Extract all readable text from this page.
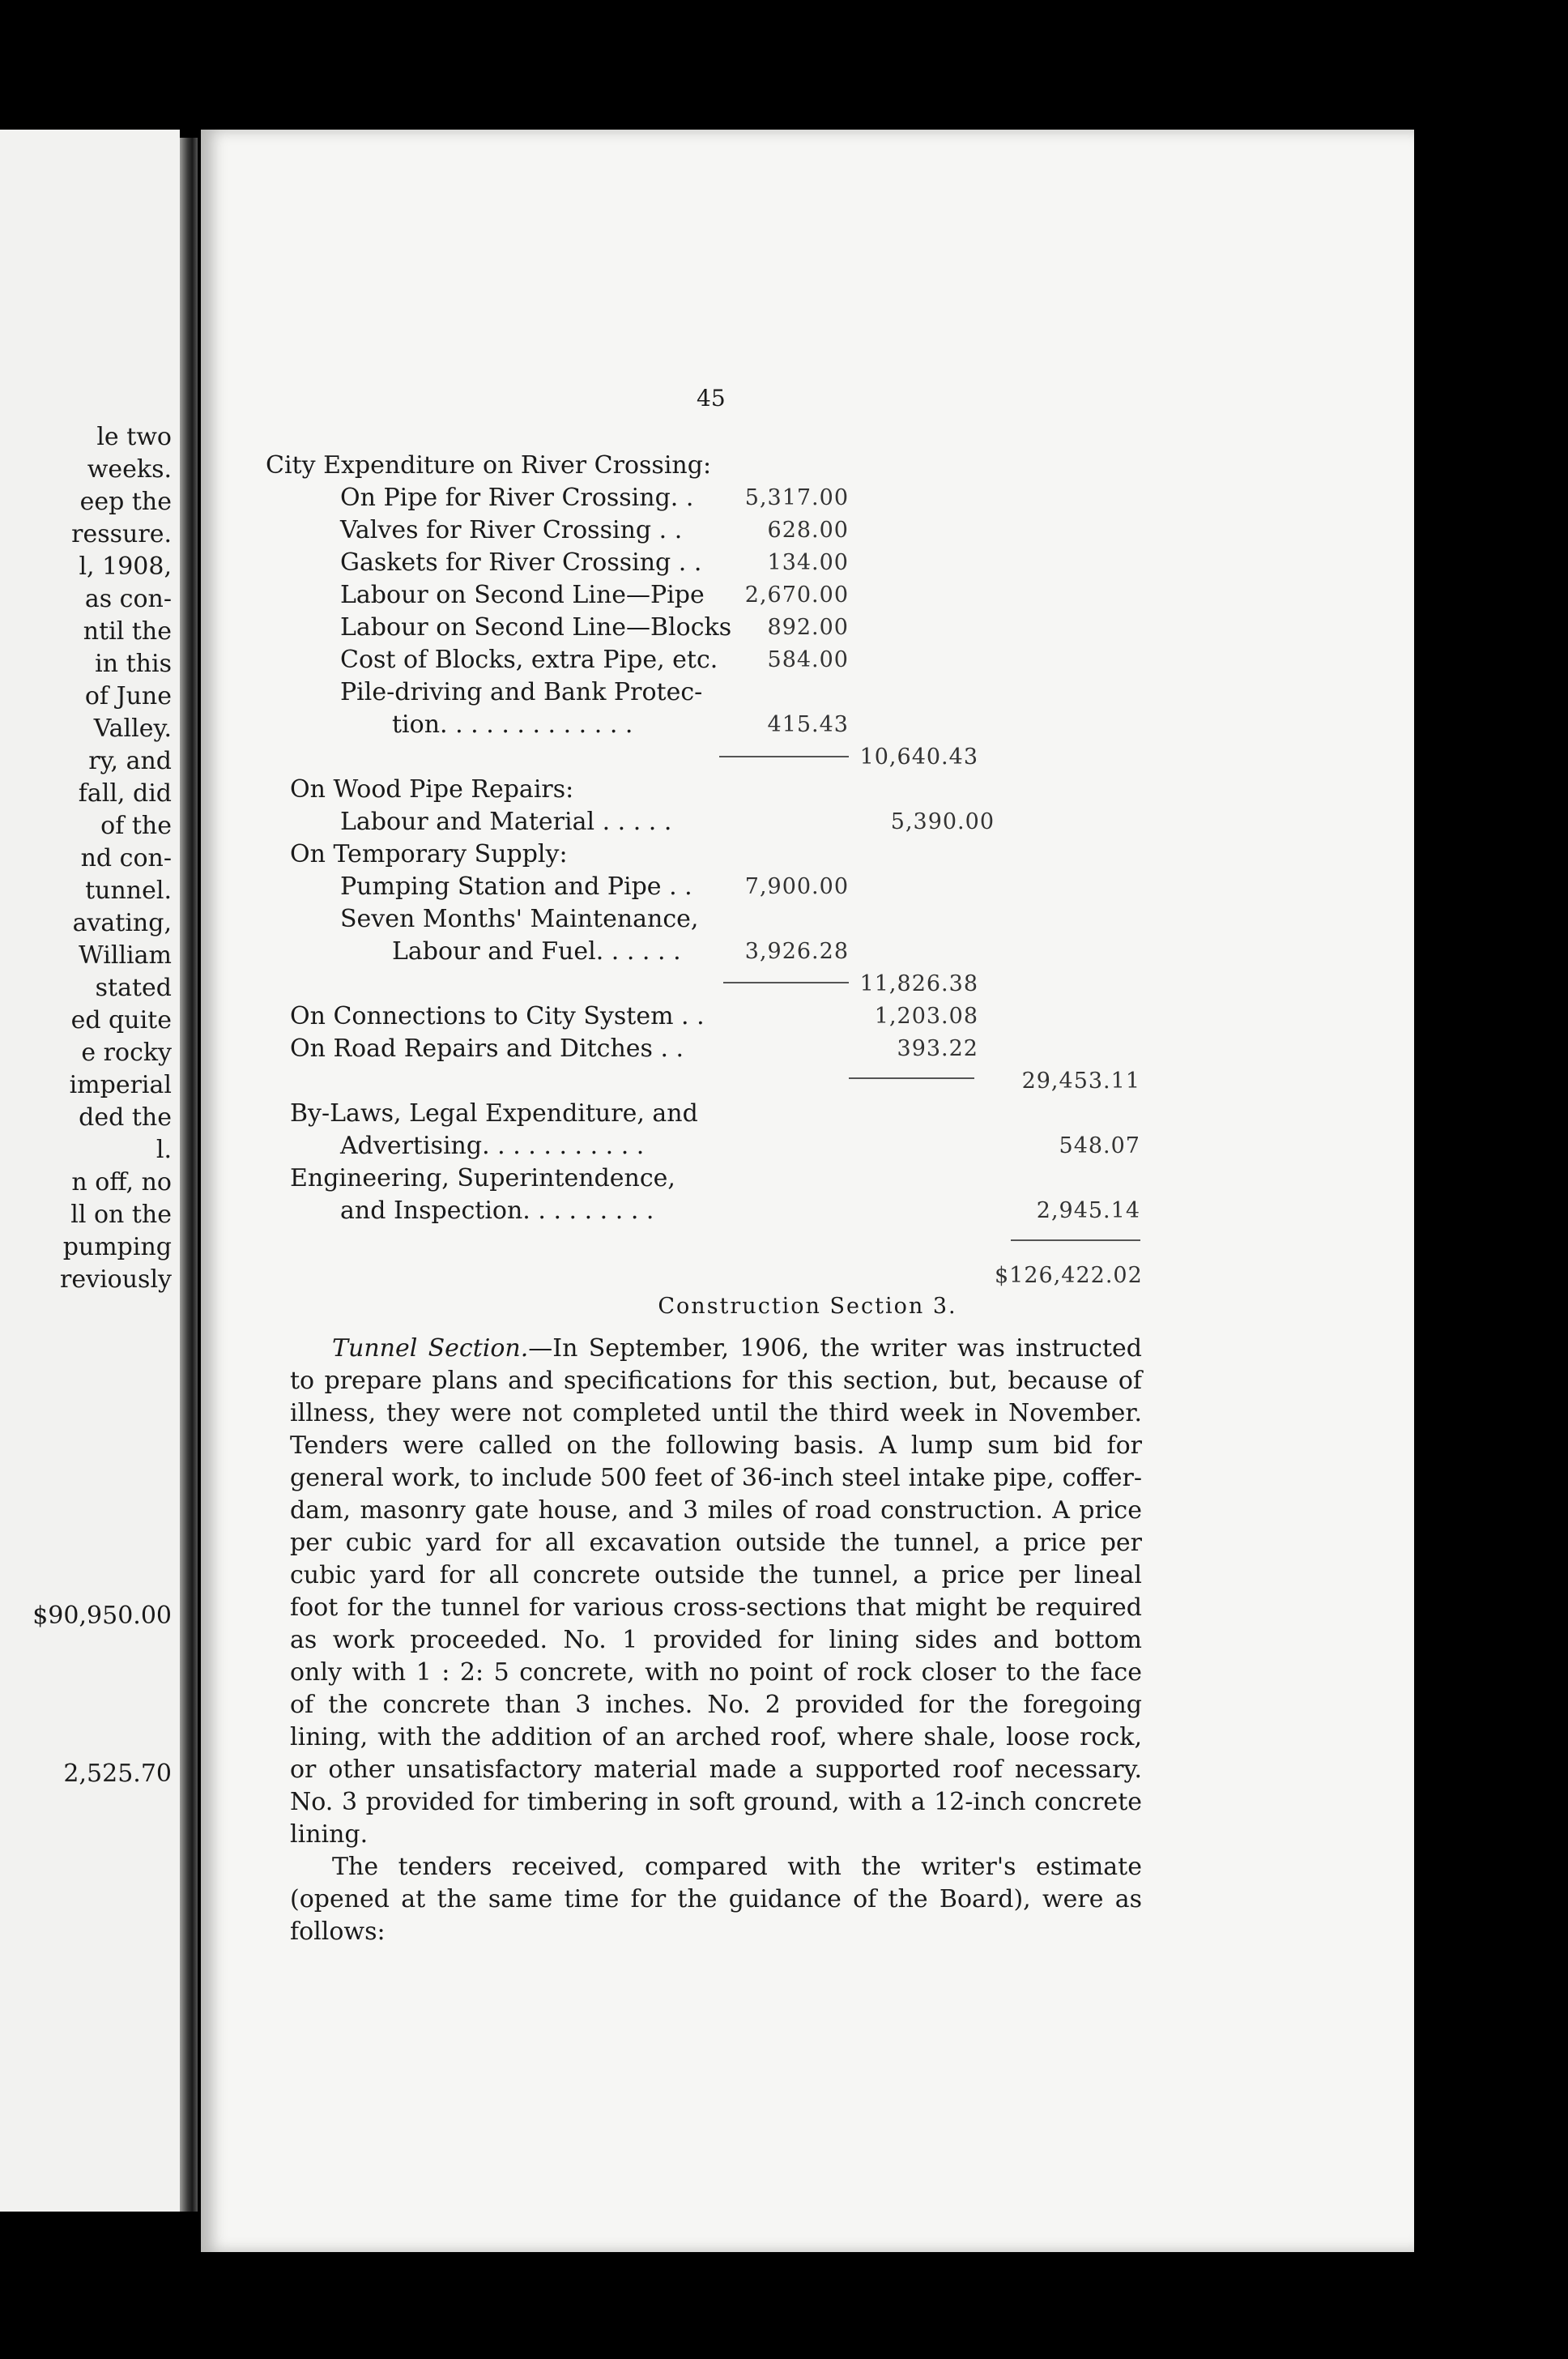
le two
weeks.
eep the
ressure.
l, 1908,
as con-
ntil the
in this
of June
Valley.
ry, and
fall, did
of the
nd con-
tunnel.
avating,
William
stated
ed quite
e rocky
imperial
ded the
l.
n off, no
ll on the
pumping
reviously
$90,950.00
2,525.70
45
City Expenditure on River Crossing:
On Pipe for River Crossing. .	5,317.00
Valves for River Crossing . .	628.00
Gaskets for River Crossing . .	134.00
Labour on Second Line—Pipe	2,670.00
Labour on Second Line—Blocks	892.00
Cost of Blocks, extra Pipe, etc.	584.00
Pile-driving and Bank Protec-
tion. . . . . . . . . . . . .	415.43
10,640.43
On Wood Pipe Repairs:
Labour and Material . . . . .	5,390.00
On Temporary Supply:
Pumping Station and Pipe . .	7,900.00
Seven Months' Maintenance,
Labour and Fuel. . . . . .	3,926.28
11,826.38
On Connections to City System . .	1,203.08
On Road Repairs and Ditches . .	393.22
29,453.11
By-Laws, Legal Expenditure, and
Advertising. . . . . . . . . . .	548.07
Engineering, Superintendence,
and Inspection. . . . . . . . .	2,945.14
$126,422.02
Construction Section 3.
Tunnel Section.—In September, 1906, the writer was instructed
to prepare plans and specifications for this section, but, because of
illness, they were not completed until the third week in November.
Tenders were called on the following basis. A lump sum bid for
general work, to include 500 feet of 36-inch steel intake pipe, coffer-
dam, masonry gate house, and 3 miles of road construction. A price
per cubic yard for all excavation outside the tunnel, a price per
cubic yard for all concrete outside the tunnel, a price per lineal
foot for the tunnel for various cross-sections that might be required
as work proceeded. No. 1 provided for lining sides and bottom
only with 1 : 2: 5 concrete, with no point of rock closer to the face
of the concrete than 3 inches. No. 2 provided for the foregoing
lining, with the addition of an arched roof, where shale, loose rock,
or other unsatisfactory material made a supported roof necessary.
No. 3 provided for timbering in soft ground, with a 12-inch concrete
lining.
The tenders received, compared with the writer's estimate
(opened at the same time for the guidance of the Board), were as
follows:
